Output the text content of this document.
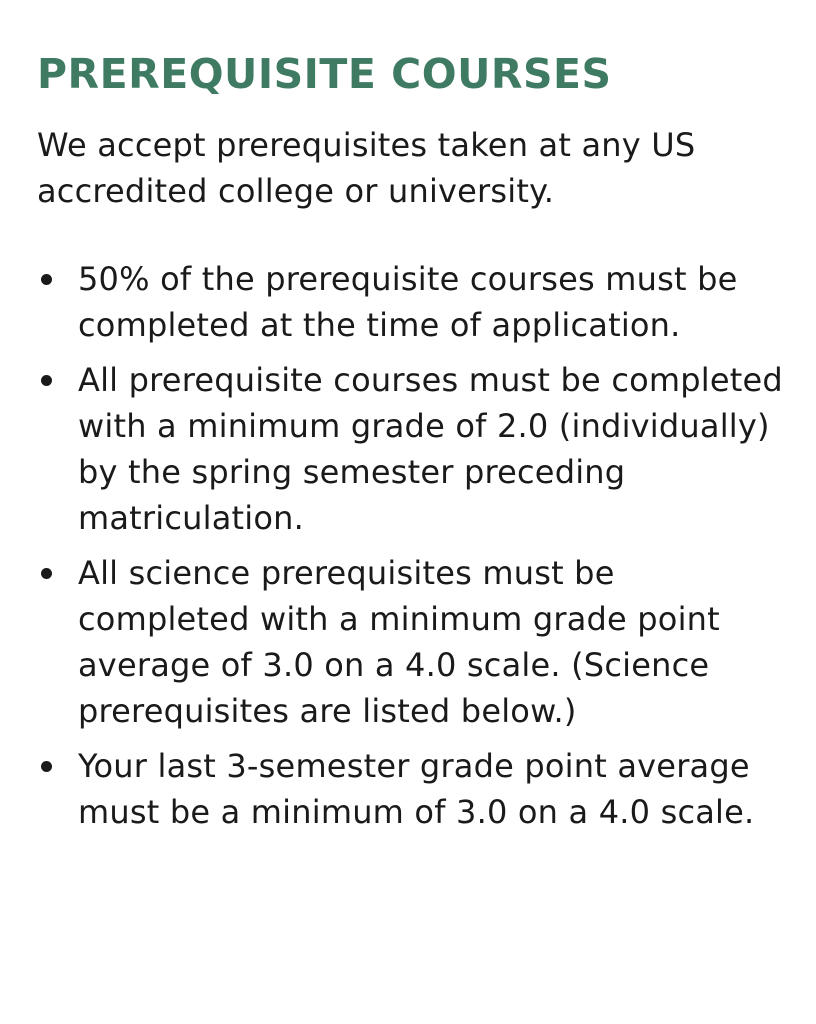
PREREQUISITE COURSES

We accept prerequisites taken at any US accredited college or university.

50% of the prerequisite courses must be completed at the time of application.
All prerequisite courses must be completed with a minimum grade of 2.0 (individually) by the spring semester preceding matriculation.
All science prerequisites must be completed with a minimum grade point average of 3.0 on a 4.0 scale. (Science prerequisites are listed below.)
Your last 3-semester grade point average must be a minimum of 3.0 on a 4.0 scale.
